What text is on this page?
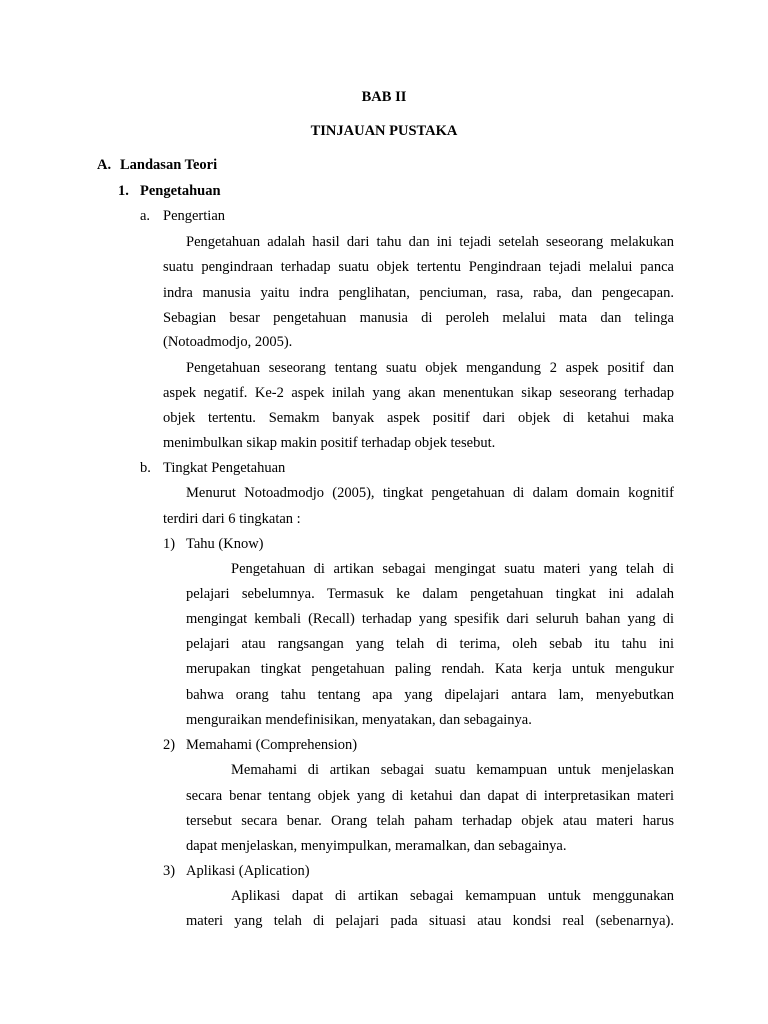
BAB II
TINJAUAN PUSTAKA
A. Landasan Teori
1. Pengetahuan
a. Pengertian
Pengetahuan adalah hasil dari tahu dan ini tejadi setelah seseorang melakukan
suatu pengindraan terhadap suatu objek tertentu Pengindraan tejadi melalui panca
indra manusia yaitu indra penglihatan, penciuman, rasa, raba, dan pengecapan.
Sebagian besar pengetahuan manusia di peroleh melalui mata dan telinga
(Notoadmodjo, 2005).
Pengetahuan seseorang tentang suatu objek mengandung 2 aspek positif dan
aspek negatif. Ke-2 aspek inilah yang akan menentukan sikap seseorang terhadap
objek tertentu. Semakm banyak aspek positif dari objek di ketahui maka
menimbulkan sikap makin positif terhadap objek tesebut.
b. Tingkat Pengetahuan
Menurut Notoadmodjo (2005), tingkat pengetahuan di dalam domain kognitif
terdiri dari 6 tingkatan :
1) Tahu (Know)
Pengetahuan di artikan sebagai mengingat suatu materi yang telah di
pelajari sebelumnya. Termasuk ke dalam pengetahuan tingkat ini adalah
mengingat kembali (Recall) terhadap yang spesifik dari seluruh bahan yang di
pelajari atau rangsangan yang telah di terima, oleh sebab itu tahu ini
merupakan tingkat pengetahuan paling rendah. Kata kerja untuk mengukur
bahwa orang tahu tentang apa yang dipelajari antara lam, menyebutkan
menguraikan mendefinisikan, menyatakan, dan sebagainya.
2) Memahami (Comprehension)
Memahami di artikan sebagai suatu kemampuan untuk menjelaskan
secara benar tentang objek yang di ketahui dan dapat di interpretasikan materi
tersebut secara benar. Orang telah paham terhadap objek atau materi harus
dapat menjelaskan, menyimpulkan, meramalkan, dan sebagainya.
3) Aplikasi (Aplication)
Aplikasi dapat di artikan sebagai kemampuan untuk menggunakan
materi yang telah di pelajari pada situasi atau kondsi real (sebenarnya).
